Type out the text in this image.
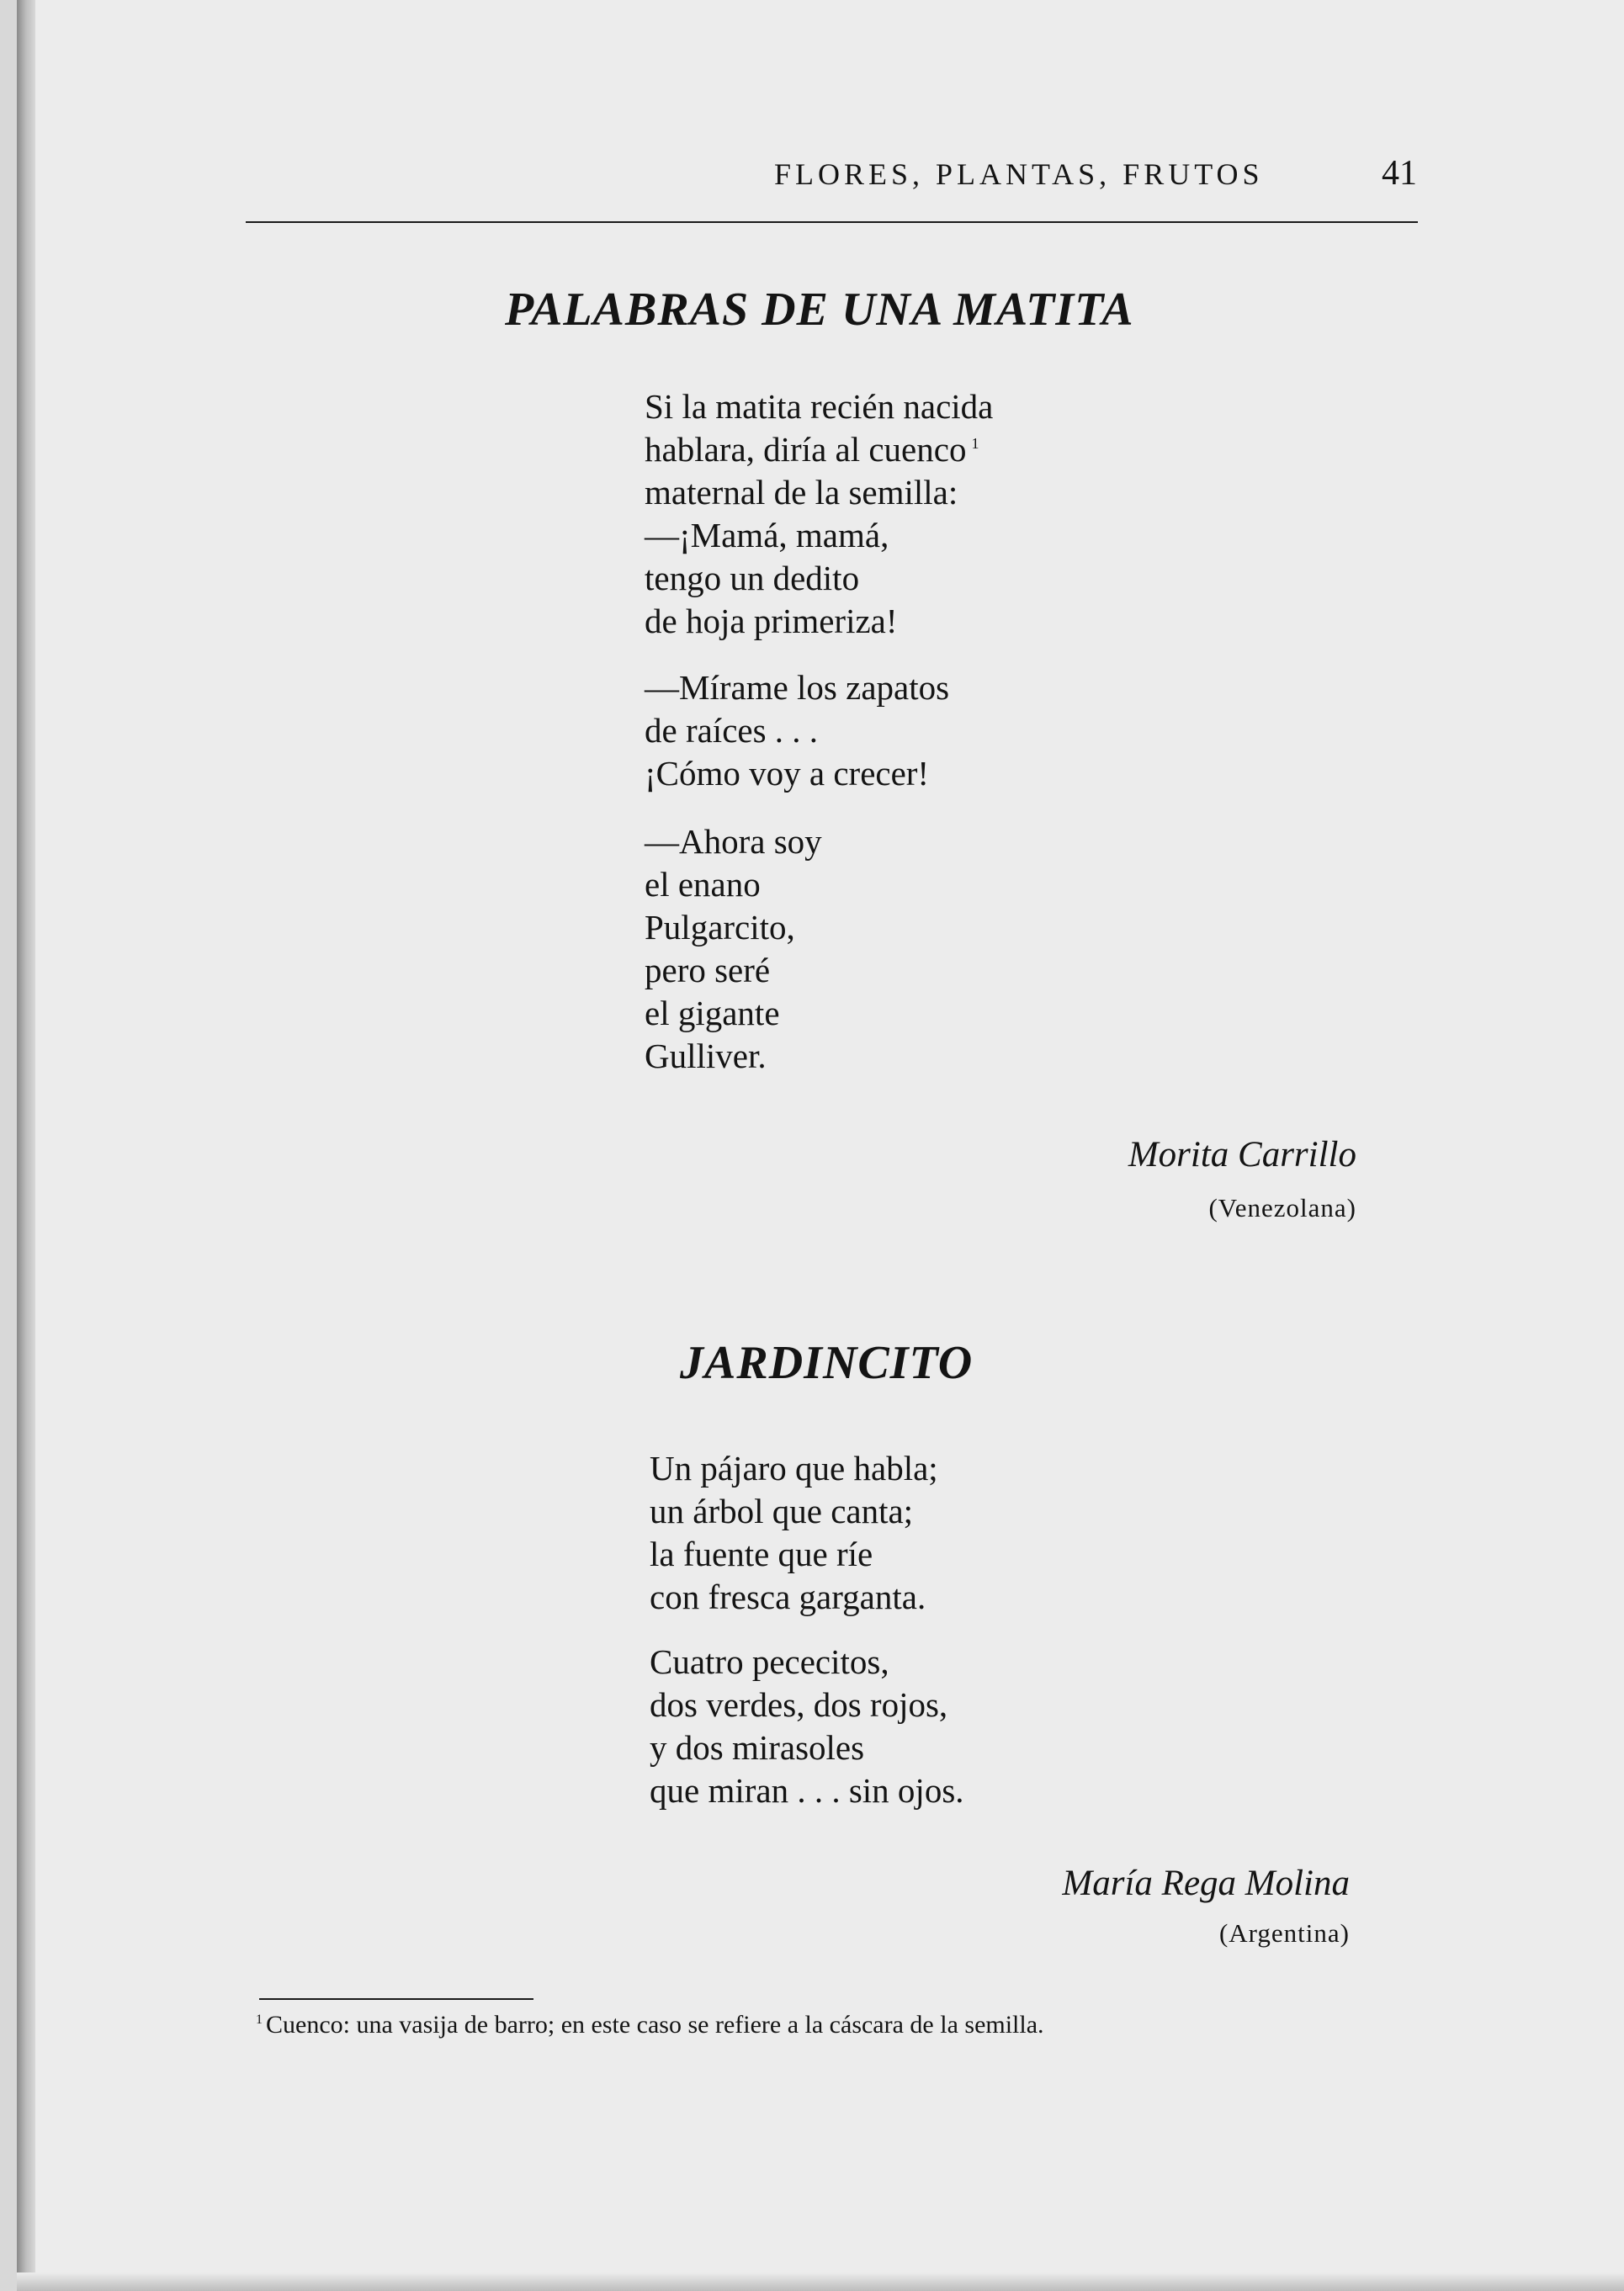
FLORES, PLANTAS, FRUTOS	41
PALABRAS DE UNA MATITA
Si la matita recién nacida
hablara, diría al cuenco $^1$
maternal de la semilla:
—¡Mamá, mamá,
tengo un dedito
de hoja primeriza!
—Mírame los zapatos
de raíces . . .
¡Cómo voy a crecer!
—Ahora soy
el enano
Pulgarcito,
pero seré
el gigante
Gulliver.
Morita Carrillo
(Venezolana)
JARDINCITO
Un pájaro que habla;
un árbol que canta;
la fuente que ríe
con fresca garganta.
Cuatro pececitos,
dos verdes, dos rojos,
y dos mirasoles
que miran . . . sin ojos.
María Rega Molina
(Argentina)
$^1$ Cuenco: una vasija de barro; en este caso se refiere a la cáscara de la semilla.
